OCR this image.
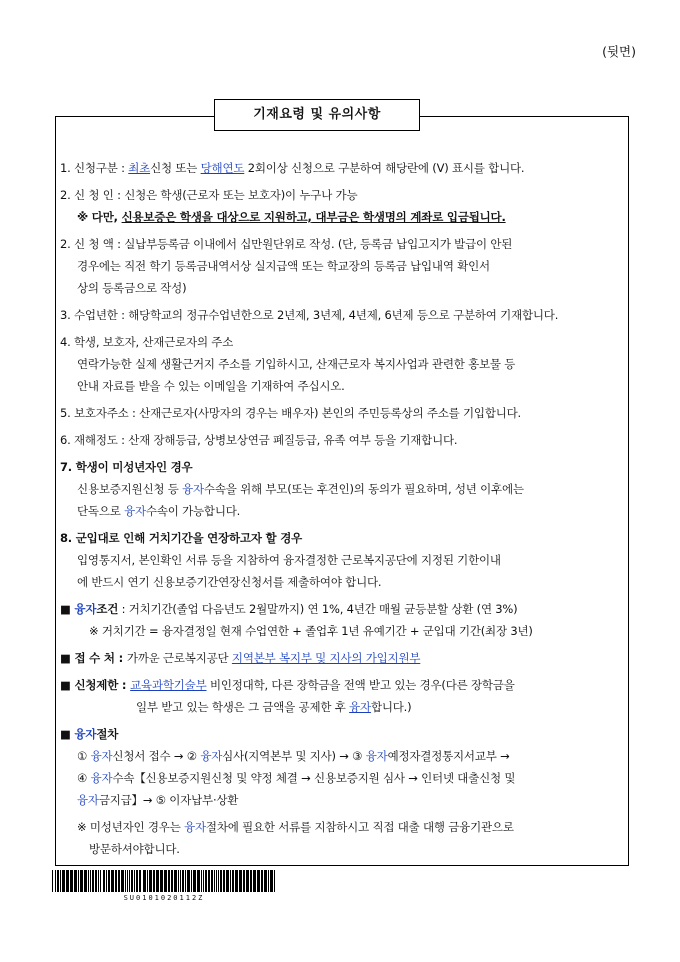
(뒷면)
기재요령 및 유의사항
1. 신청구분 : 최초신청 또는 당해연도 2회이상 신청으로 구분하여 해당란에 (V) 표시를 합니다.
2. 신 청 인 : 신청은 학생(근로자 또는 보호자)이 누구나 가능
※ 다만, 신용보증은 학생을 대상으로 지원하고, 대부금은 학생명의 계좌로 입금됩니다.
2. 신 청 액 : 실납부등록금 이내에서 십만원단위로 작성. (단, 등록금 납입고지가 발급이 안된
경우에는 직전 학기 등록금내역서상 실지급액 또는 학교장의 등록금 납입내역 확인서
상의 등록금으로 작성)
3. 수업년한 : 해당학교의 정규수업년한으로 2년제, 3년제, 4년제, 6년제 등으로 구분하여 기재합니다.
4. 학생, 보호자, 산재근로자의 주소
연락가능한 실제 생활근거지 주소를 기입하시고, 산재근로자 복지사업과 관련한 홍보물 등
안내 자료를 받을 수 있는 이메일을 기재하여 주십시오.
5. 보호자주소 : 산재근로자(사망자의 경우는 배우자) 본인의 주민등록상의 주소를 기입합니다.
6. 재해정도 : 산재 장해등급, 상병보상연금 폐질등급, 유족 여부 등을 기재합니다.
7. 학생이 미성년자인 경우
신용보증지원신청 등 융자수속을 위해 부모(또는 후견인)의 동의가 필요하며, 성년 이후에는
단독으로 융자수속이 가능합니다.
8. 군입대로 인해 거치기간을 연장하고자 할 경우
입영통지서, 본인확인 서류 등을 지참하여 융자결정한 근로복지공단에 지정된 기한이내
에 반드시 연기 신용보증기간연장신청서를 제출하여야 합니다.
■ 융자조건 : 거치기간(졸업 다음년도 2월말까지) 연 1%, 4년간 매월 균등분할 상환 (연 3%)
※ 거치기간 = 융자결정일 현재 수업연한 + 졸업후 1년 유예기간 + 군입대 기간(최장 3년)
■ 접 수 처 : 가까운 근로복지공단 지역본부 복지부 및 지사의 가입지원부
■ 신청제한 : 교육과학기술부 비인정대학, 다른 장학금을 전액 받고 있는 경우(다른 장학금을
일부 받고 있는 학생은 그 금액을 공제한 후 융자합니다.)
■ 융자절차
① 융자신청서 접수 → ② 융자심사(지역본부 및 지사) → ③ 융자예정자결정통지서교부 →
④ 융자수속【신용보증지원신청 및 약정 체결 → 신용보증지원 심사 → 인터넷 대출신청 및
융자금지급】→ ⑤ 이자납부·상환
※ 미성년자인 경우는 융자절차에 필요한 서류를 지참하시고 직접 대출 대행 금융기관으로
방문하셔야합니다.
SU0101020112Z
